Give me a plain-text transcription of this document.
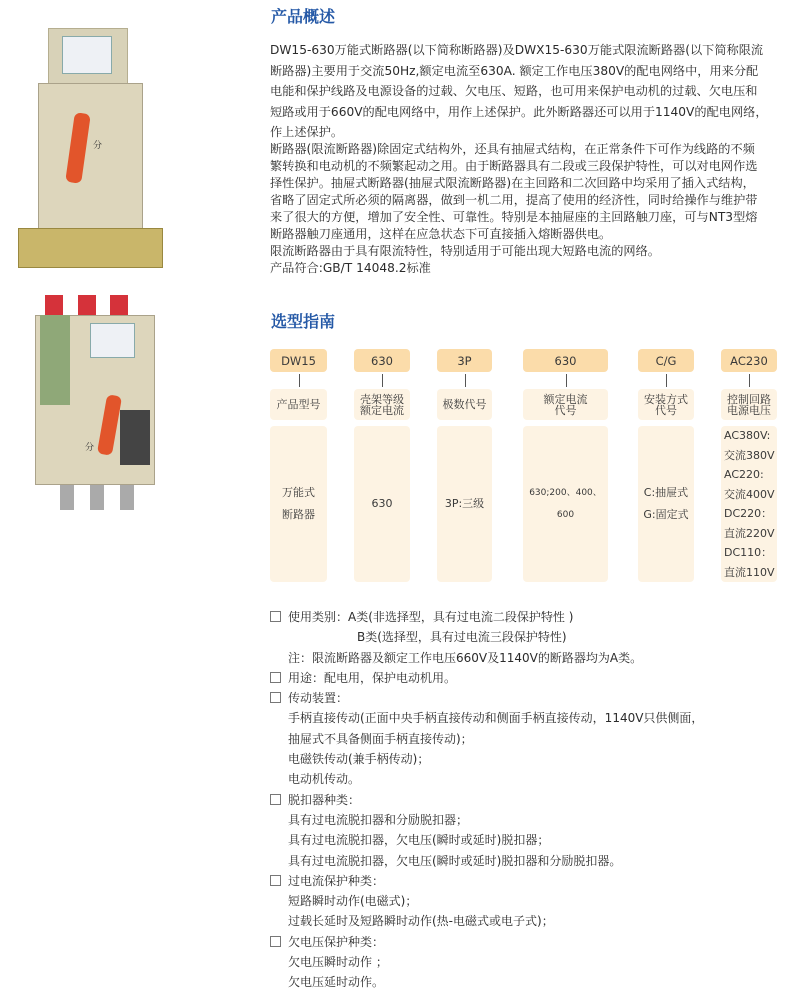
分
分
产品概述
DW15-630万能式断路器(以下简称断路器)及DWX15-630万能式限流断路器(以下简称限流
断路器)主要用于交流50Hz,额定电流至630A. 额定工作电压380V的配电网络中，用来分配
电能和保护线路及电源设备的过载、欠电压、短路，也可用来保护电动机的过载、欠电压和
短路或用于660V的配电网络中，用作上述保护。此外断路器还可以用于1140V的配电网络，
作上述保护。
断路器(限流断路器)除固定式结构外，还具有抽屉式结构，在正常条件下可作为线路的不频
繁转换和电动机的不频繁起动之用。由于断路器具有二段或三段保护特性，可以对电网作选
择性保护。抽屉式断路器(抽屉式限流断路器)在主回路和二次回路中均采用了插入式结构，
省略了固定式所必须的隔离器，做到一机二用，提高了使用的经济性，同时给操作与维护带
来了很大的方便，增加了安全性、可靠性。特别是本抽屉座的主回路触刀座，可与NT3型熔
断路器触刀座通用，这样在应急状态下可直接插入熔断器供电。
限流断路器由于具有限流特性，特别适用于可能出现大短路电流的网络。
产品符合:GB/T 14048.2标准
选型指南
DW15
产品型号
万能式
断路器
630
壳架等级
额定电流
630
3P
极数代号
3P:三级
630
额定电流
代号
630;200、400、600
C/G
安装方式
代号
C:抽屉式
G:固定式
AC230
控制回路
电源电压
AC380V:
交流380V
AC220:
交流400V
DC220：
直流220V
DC110：
直流110V
使用类别：A类(非选择型，具有过电流二段保护特性 )
B类(选择型，具有过电流三段保护特性)
注：限流断路器及额定工作电压660V及1140V的断路器均为A类。
用途：配电用，保护电动机用。
传动装置：
手柄直接传动(正面中央手柄直接传动和侧面手柄直接传动，1140V只供侧面，
抽屉式不具备侧面手柄直接传动)；
电磁铁传动(兼手柄传动)；
电动机传动。
脱扣器种类：
具有过电流脱扣器和分励脱扣器；
具有过电流脱扣器，欠电压(瞬时或延时)脱扣器；
具有过电流脱扣器，欠电压(瞬时或延时)脱扣器和分励脱扣器。
过电流保护种类：
短路瞬时动作(电磁式)；
过载长延时及短路瞬时动作(热-电磁式或电子式)；
欠电压保护种类：
欠电压瞬时动作 ；
欠电压延时动作。
